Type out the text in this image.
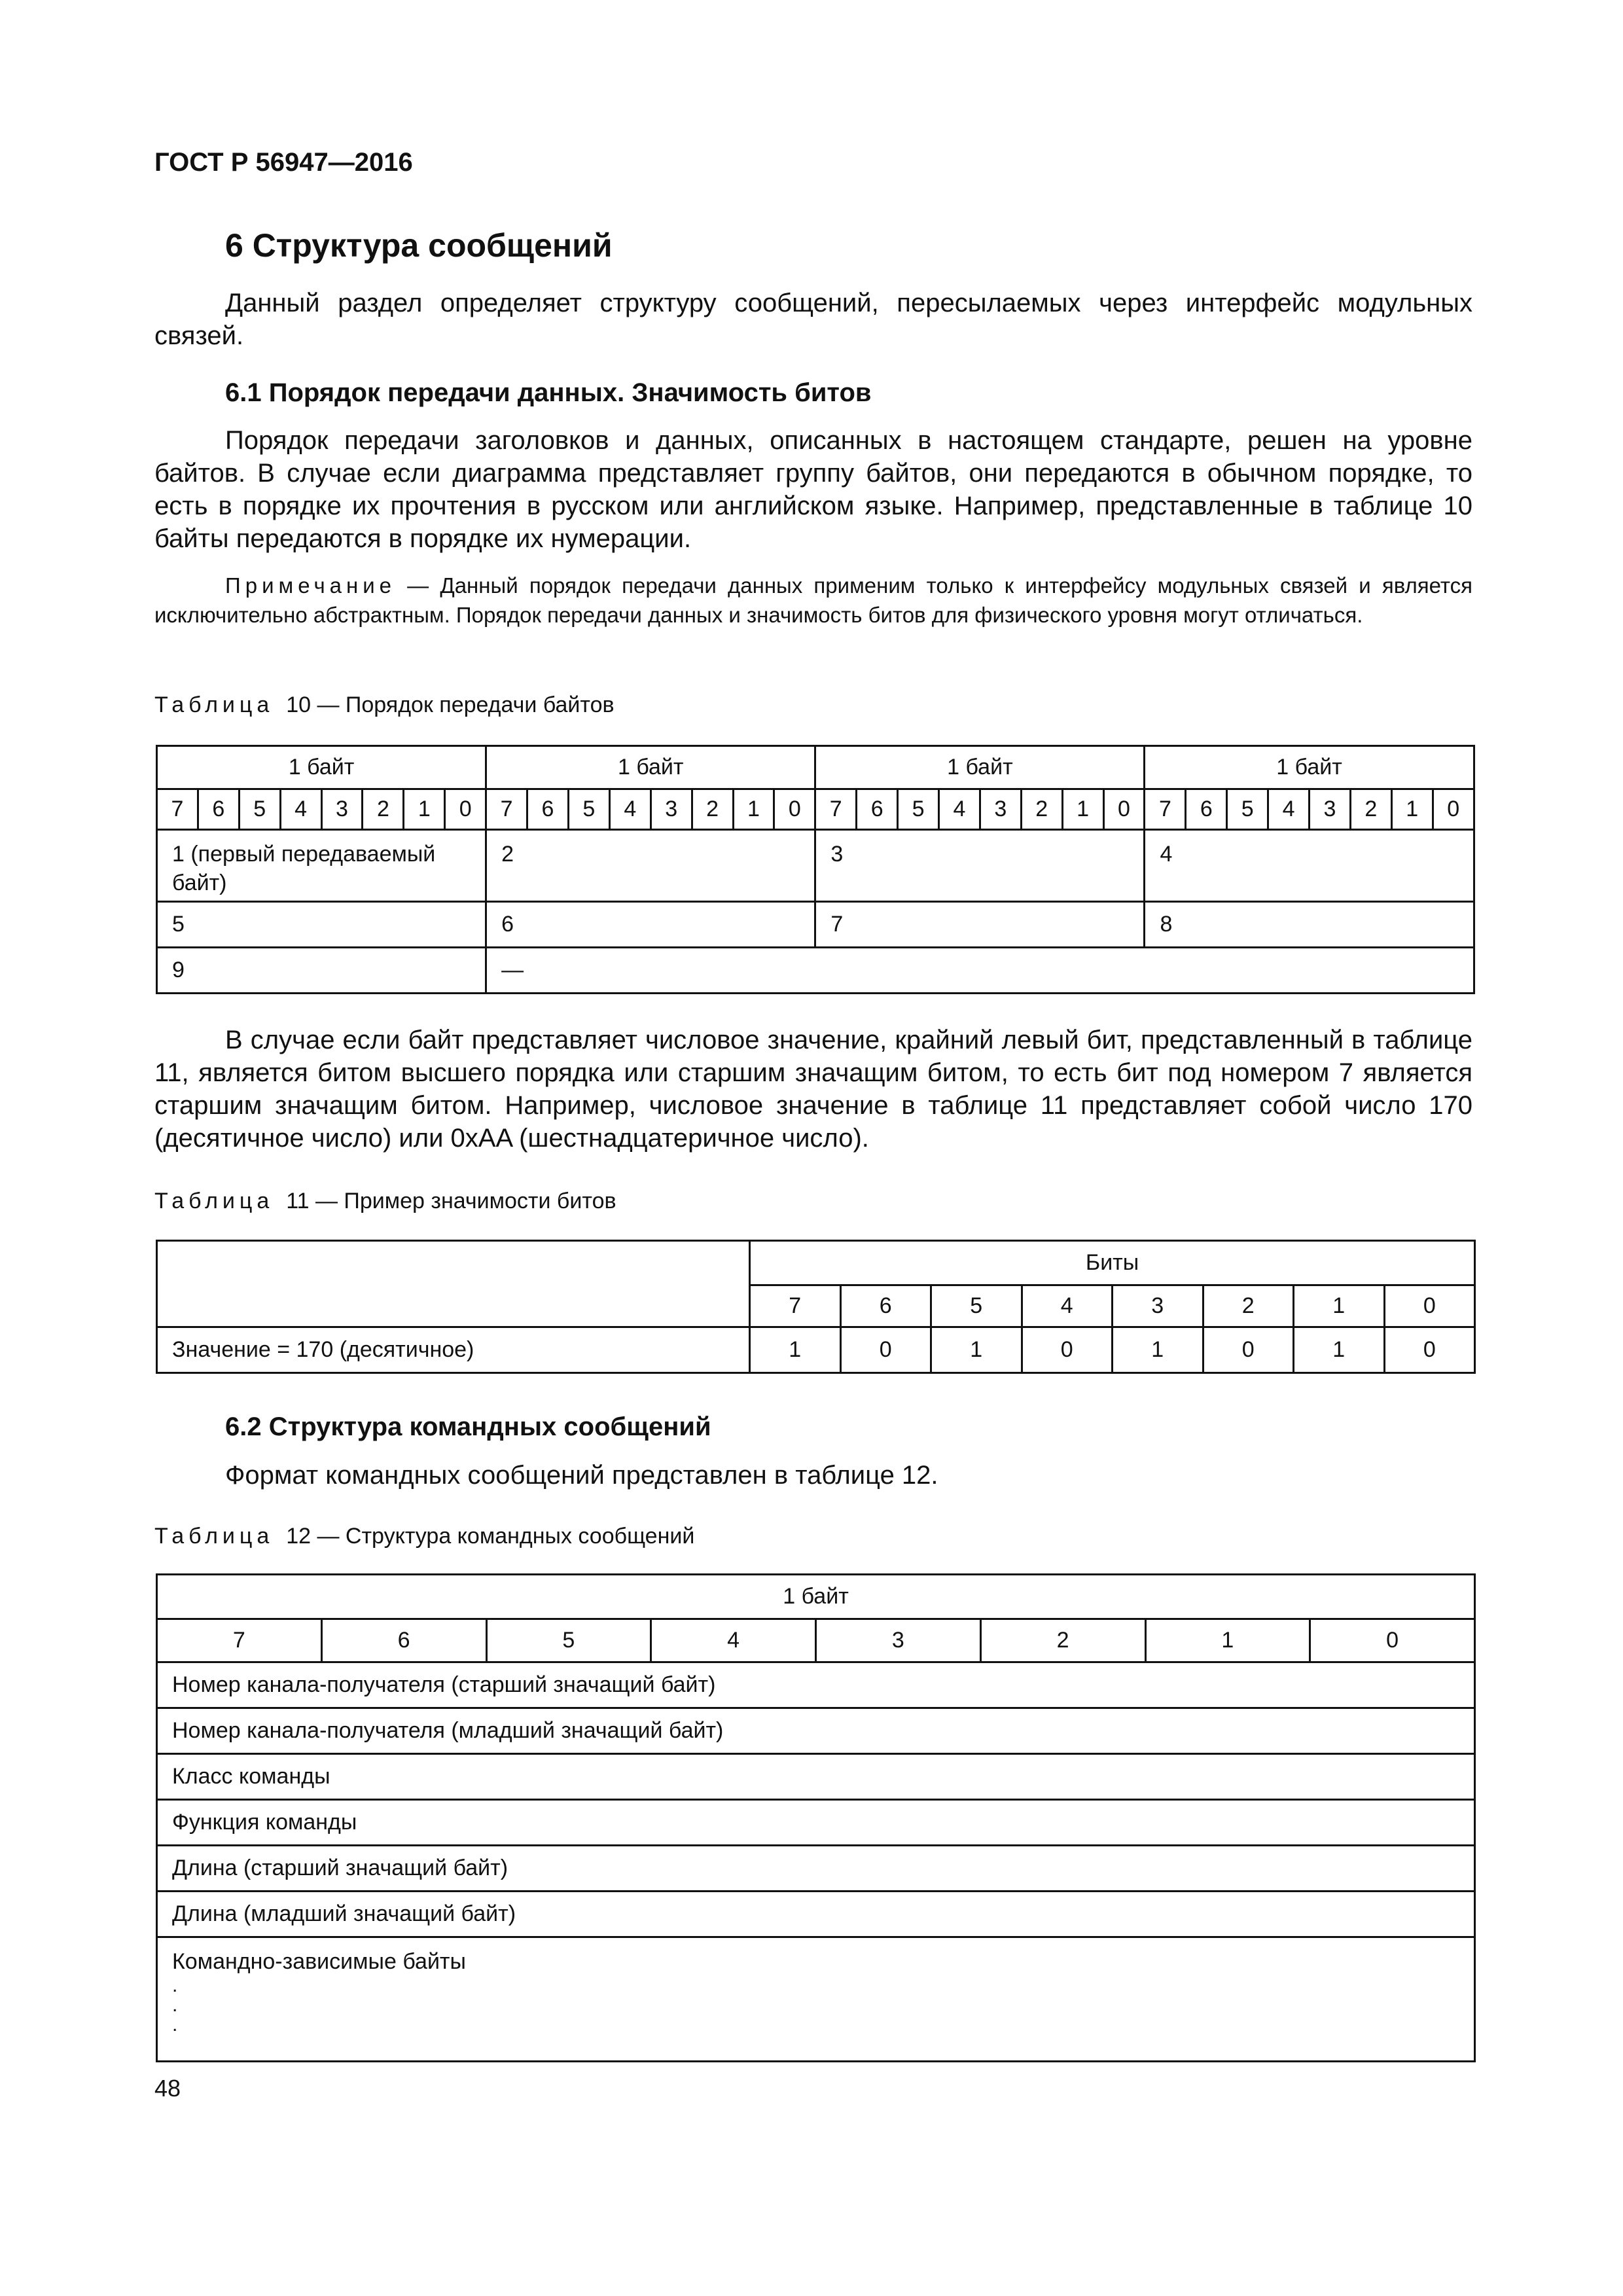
ГОСТ Р 56947—2016
6 Структура сообщений
Данный раздел определяет структуру сообщений, пересылаемых через интерфейс модульных связей.
6.1 Порядок передачи данных. Значимость битов
Порядок передачи заголовков и данных, описанных в настоящем стандарте, решен на уровне байтов. В случае если диаграмма представляет группу байтов, они передаются в обычном порядке, то есть в порядке их прочтения в русском или английском языке. Например, представленные в таблице 10 байты передаются в порядке их нумерации.
Примечание — Данный порядок передачи данных применим только к интерфейсу модульных связей и является исключительно абстрактным. Порядок передачи данных и значимость битов для физического уровня могут отличаться.
Таблица 10 — Порядок передачи байтов
1 байт								1 байт								1 байт								1 байт							
7	6	5	4	3	2	1	0	7	6	5	4	3	2	1	0	7	6	5	4	3	2	1	0	7	6	5	4	3	2	1	0
1 (первый передаваемый байт)								2								3								4							
5								6								7								8							
9								—																							
В случае если байт представляет числовое значение, крайний левый бит, представленный в таблице 11, является битом высшего порядка или старшим значащим битом, то есть бит под номером 7 является старшим значащим битом. Например, числовое значение в таблице 11 представляет собой число 170 (десятичное число) или 0xAA (шестнадцатеричное число).
Таблица 11 — Пример значимости битов
	Биты							
	7	6	5	4	3	2	1	0
Значение = 170 (десятичное)	1	0	1	0	1	0	1	0
6.2 Структура командных сообщений
Формат командных сообщений представлен в таблице 12.
Таблица 12 — Структура командных сообщений
1 байт
7	6	5	4	3	2	1	0
Номер канала-получателя (старший значащий байт)
Номер канала-получателя (младший значащий байт)
Класс команды
Функция команды
Длина (старший значащий байт)
Длина (младший значащий байт)
Командно-зависимые байты
.
.
.
48
